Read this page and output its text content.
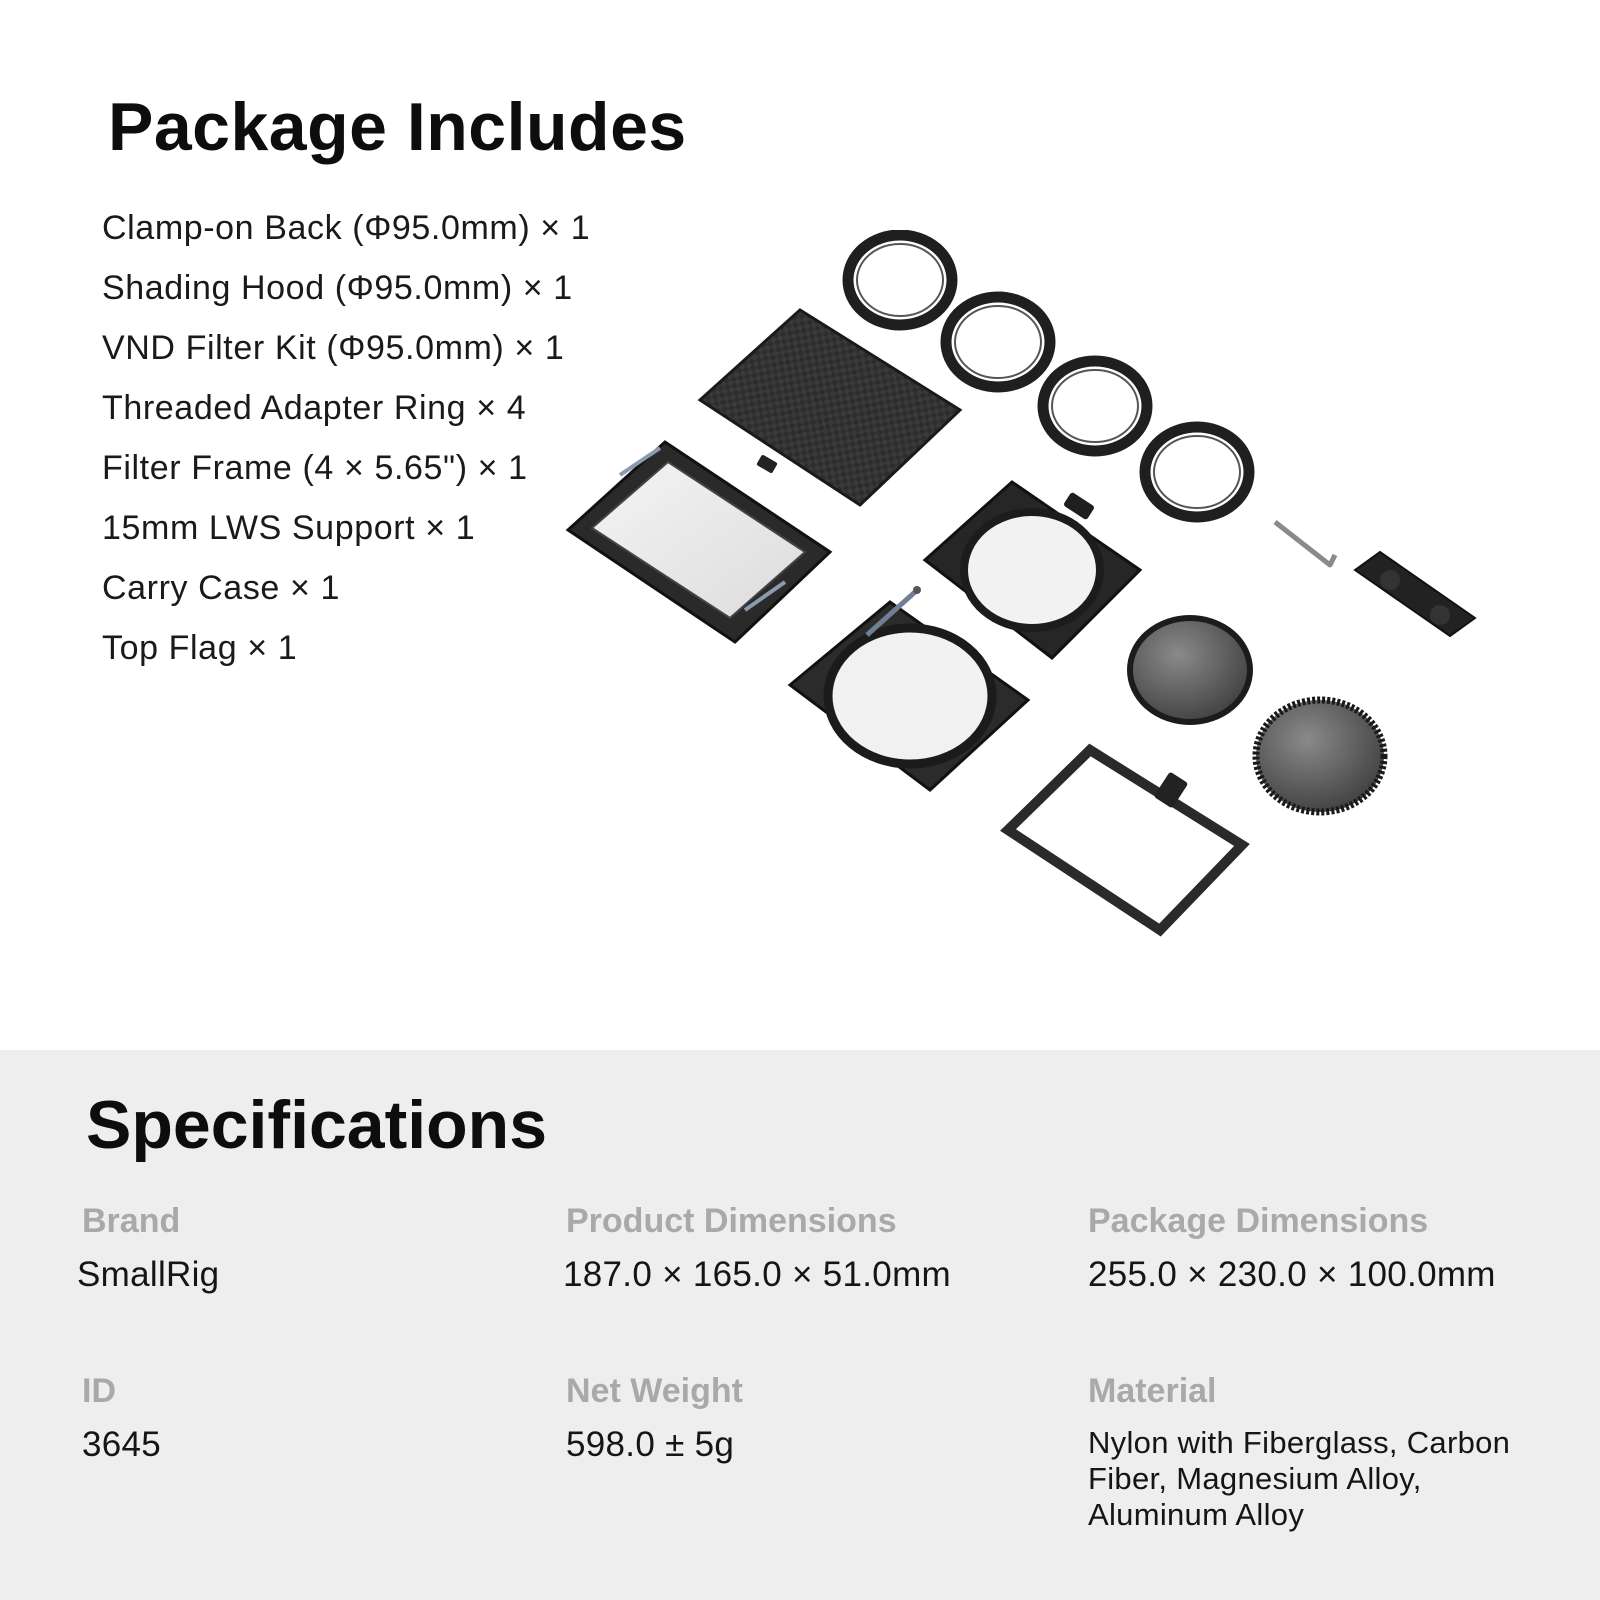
Package Includes
Clamp-on Back (Φ95.0mm) × 1
Shading Hood (Φ95.0mm) × 1
VND Filter Kit (Φ95.0mm) × 1
Threaded Adapter Ring × 4
Filter Frame (4 × 5.65") × 1
15mm LWS Support × 1
Carry Case × 1
Top Flag × 1
Specifications
Brand
SmallRig
Product Dimensions
187.0 × 165.0 × 51.0mm
Package Dimensions
255.0 × 230.0 × 100.0mm
ID
3645
Net Weight
598.0 ± 5g
Material
Nylon with Fiberglass, Carbon Fiber, Magnesium Alloy, Aluminum Alloy
